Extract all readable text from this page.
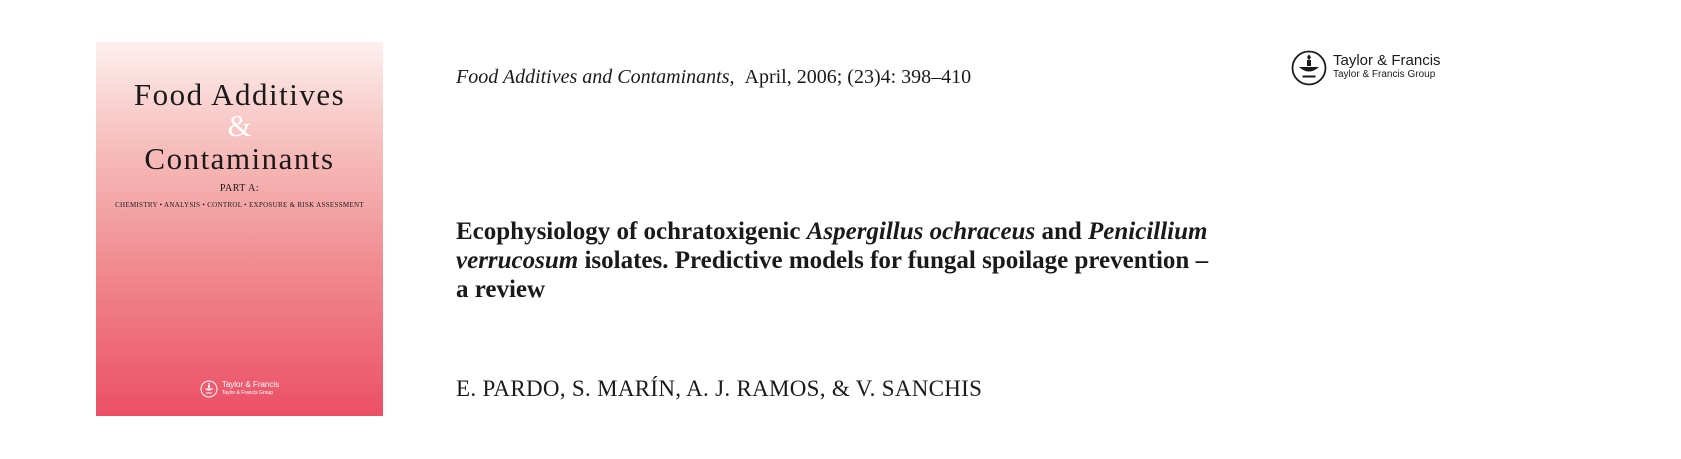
Food Additives
&
Contaminants
PART A:
CHEMISTRY • ANALYSIS • CONTROL • EXPOSURE & RISK ASSESSMENT
Taylor & Francis
Taylor & Francis Group
Food Additives and Contaminants, April, 2006; (23)4: 398–410
Taylor & Francis
Taylor & Francis Group
Ecophysiology of ochratoxigenic Aspergillus ochraceus and Penicillium
verrucosum isolates. Predictive models for fungal spoilage prevention –
a review
E. PARDO, S. MARÍN, A. J. RAMOS, & V. SANCHIS
